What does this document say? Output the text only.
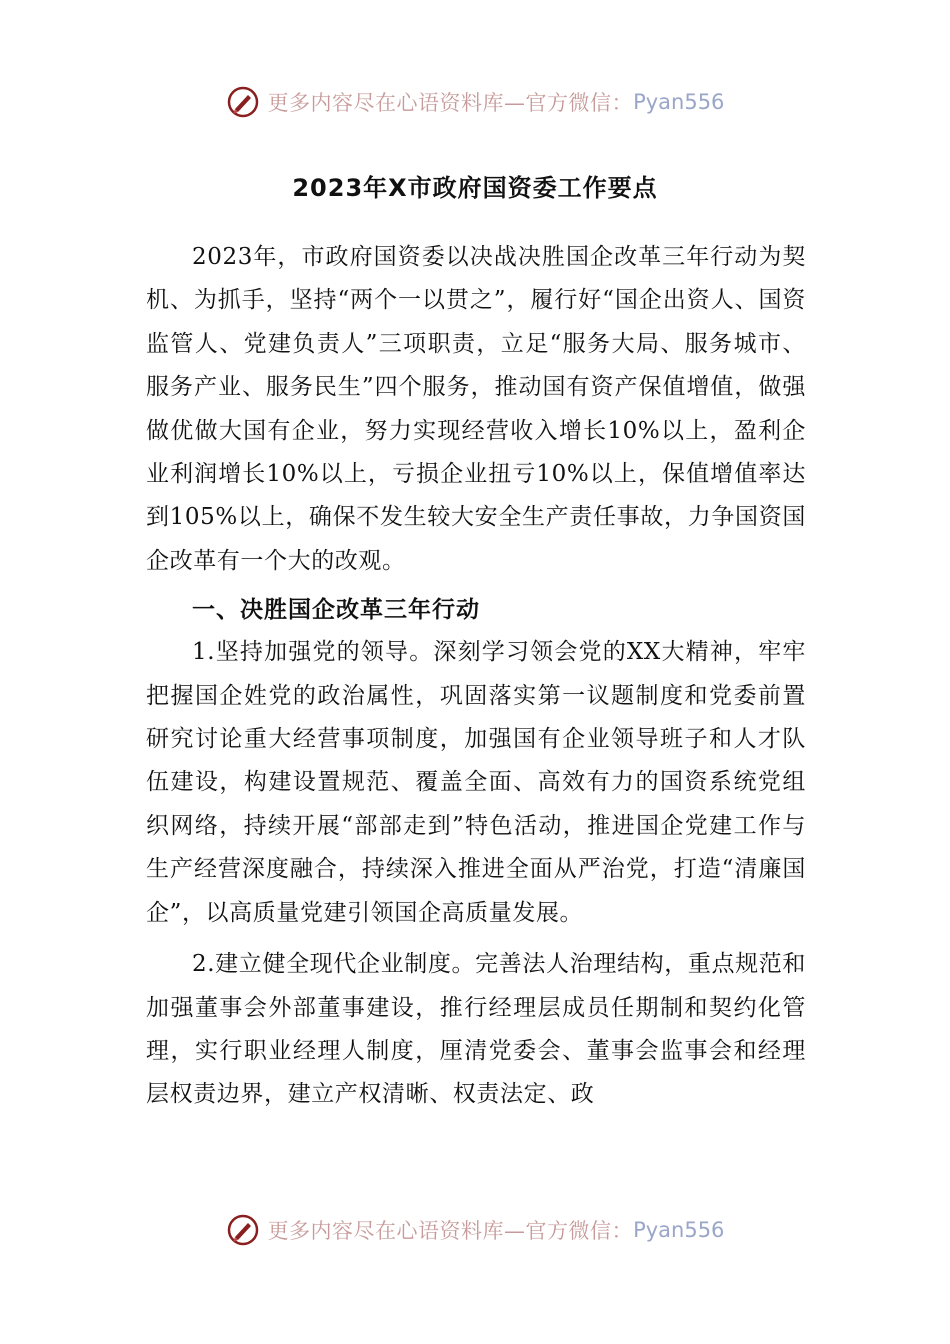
更多内容尽在心语资料库—官方微信： Pyan556
2023年X市政府国资委工作要点

2023年，市政府国资委以决战决胜国企改革三年行动为契机、为抓手，坚持“两个一以贯之”，履行好“国企出资人、国资监管人、党建负责人”三项职责，立足“服务大局、服务城市、服务产业、服务民生”四个服务，推动国有资产保值增值，做强做优做大国有企业，努力实现经营收入增长10%以上，盈利企业利润增长10%以上，亏损企业扭亏10%以上，保值增值率达到105%以上，确保不发生较大安全生产责任事故，力争国资国企改革有一个大的改观。

一、决胜国企改革三年行动

1.坚持加强党的领导。深刻学习领会党的XX大精神，牢牢把握国企姓党的政治属性，巩固落实第一议题制度和党委前置研究讨论重大经营事项制度，加强国有企业领导班子和人才队伍建设，构建设置规范、覆盖全面、高效有力的国资系统党组织网络，持续开展“部部走到”特色活动，推进国企党建工作与生产经营深度融合，持续深入推进全面从严治党，打造“清廉国企”，以高质量党建引领国企高质量发展。

2.建立健全现代企业制度。完善法人治理结构，重点规范和加强董事会外部董事建设，推行经理层成员任期制和契约化管理，实行职业经理人制度，厘清党委会、董事会监事会和经理层权责边界，建立产权清晰、权责法定、政

更多内容尽在心语资料库—官方微信： Pyan556
